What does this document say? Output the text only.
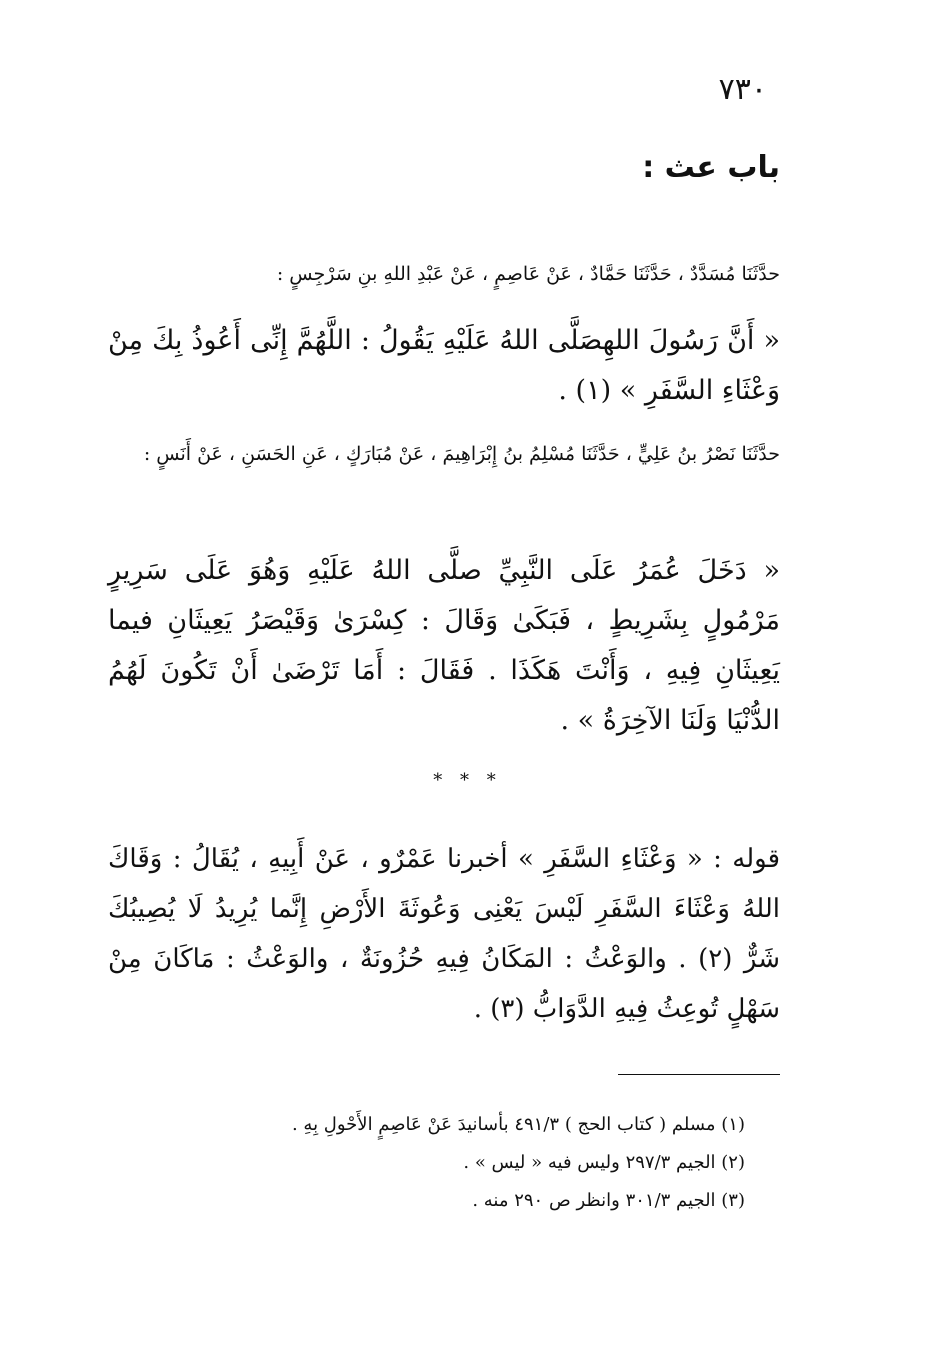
٧٣٠
باب عث :

حدَّثَنَا مُسَدَّدٌ ، حَدَّثَنَا حَمَّادٌ ، عَنْ عَاصِمٍ ، عَنْ عَبْدِ اللهِ بنِ سَرْجِسٍ :

« أَنَّ رَسُولَ اللهِصَلَّى اللهُ عَلَيْهِ يَقُولُ : اللَّهُمَّ إِنِّى أَعُوذُ بِكَ مِنْ وَعْثَاءِ السَّفَرِ » (١) .

حدَّثَنَا نَصْرُ بنُ عَلِيٍّ ، حَدَّثَنَا مُسْلِمُ بنُ إِبْرَاهِيمَ ، عَنْ مُبَارَكٍ ، عَنِ الحَسَنِ ، عَنْ أَنَسٍ :

« دَخَلَ عُمَرُ عَلَى النَّبِيِّ صلَّى اللهُ عَلَيْهِ وَهُوَ عَلَى سَرِيرٍ مَرْمُولٍ بِشَرِيطٍ ، فَبَكَىٰ وَقَالَ : كِسْرَىٰ وَقَيْصَرُ يَعِيثَانِ فيما يَعِيثَانِ فِيهِ ، وَأَنْتَ هَكَذَا . فَقَالَ : أَمَا تَرْضَىٰ أَنْ تَكُونَ لَهُمُ الدُّنْيَا وَلَنَا الآخِرَةُ » .

* * *

قوله : « وَعْثَاءِ السَّفَرِ » أخبرنا عَمْرٌو ، عَنْ أَبِيهِ ، يُقَالُ : وَقَاكَ اللهُ وَعْثَاءَ السَّفَرِ لَيْسَ يَعْنِى وَعُوثَةَ الأَرْضِ إِنَّما يُرِيدُ لَا يُصِيبُكَ شَرٌّ (٢) . والوَعْثُ : المَكَانُ فِيهِ حُزُونَةٌ ، والوَعْثُ : مَاكَانَ مِنْ سَهْلٍ تُوعِثُ فِيهِ الدَّوَابُّ (٣) .

(١) مسلم ( كتاب الحج ) ٤٩١/٣ بأسانيدَ عَنْ عَاصِمٍ الأَحْولِ بِهِ .
(٢) الجيم ٢٩٧/٣ وليس فيه « ليس » .
(٣) الجيم ٣٠١/٣ وانظر ص ٢٩٠ منه .
